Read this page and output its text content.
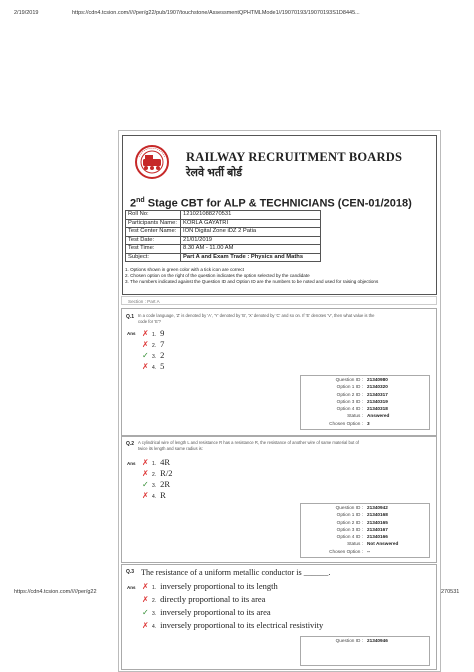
2/19/2019	https://cdn4.tcsion.com/////per/g22/pub/1907/touchstone/AssessmentQPHTMLMode1//19070193/19070193S1D8445...
https://cdn4.tcsion.com/////per/g22	270531
RAILWAY RECRUITMENT BOARDS
रेलवे भर्ती बोर्ड
2nd Stage CBT for ALP & TECHNICIANS (CEN-01/2018)
Roll No:	121021088270531
Participants Name:	KORLA GAYATRI
Test Center Name:	ION Digital Zone iDZ 2 Patia
Test Date:	21/01/2019
Test Time:	8.30 AM - 11.00 AM
Subject:	Part A and Exam Trade : Physics and Maths
1. Options shown in green color with a tick icon are correct
2. Chosen option on the right of the question indicates the option selected by the candidate
3. The numbers indicated against the Question ID and Option ID are the numbers to be noted and used for raising objections
Section : Part A
Q.1 In a code language, 'Z' is denoted by 'A', 'Y' denoted by 'B', 'X' denoted by 'C' and so on. If 'E' denotes 'V', then what value is the
code for 'E'?
Ans ✗ 1. 9
✗ 2. 7
✓ 3. 2
✗ 4. 5
Question ID :	21340980
Option 1 ID :	21340320
Option 2 ID :	21340317
Option 3 ID :	21340319
Option 4 ID :	21340318
Status :	Answered
Chosen Option :	3
Q.2 A cylindrical wire of length L and resistance R has a resistance R, the resistance of another wire of same material but of
twice its length and same radius is:
Ans ✗ 1. 4R
✗ 2. R/2
✓ 3. 2R
✗ 4. R
Question ID :	21340942
Option 1 ID :	21340168
Option 2 ID :	21340165
Option 3 ID :	21340167
Option 4 ID :	21340166
Status :	Not Answered
Chosen Option :	--
Q.3 The resistance of a uniform metallic conductor is ______.
Ans ✗ 1. inversely proportional to its length
✗ 2. directly proportional to its area
✓ 3. inversely proportional to its area
✗ 4. inversely proportional to its electrical resistivity
Question ID :	21340946
